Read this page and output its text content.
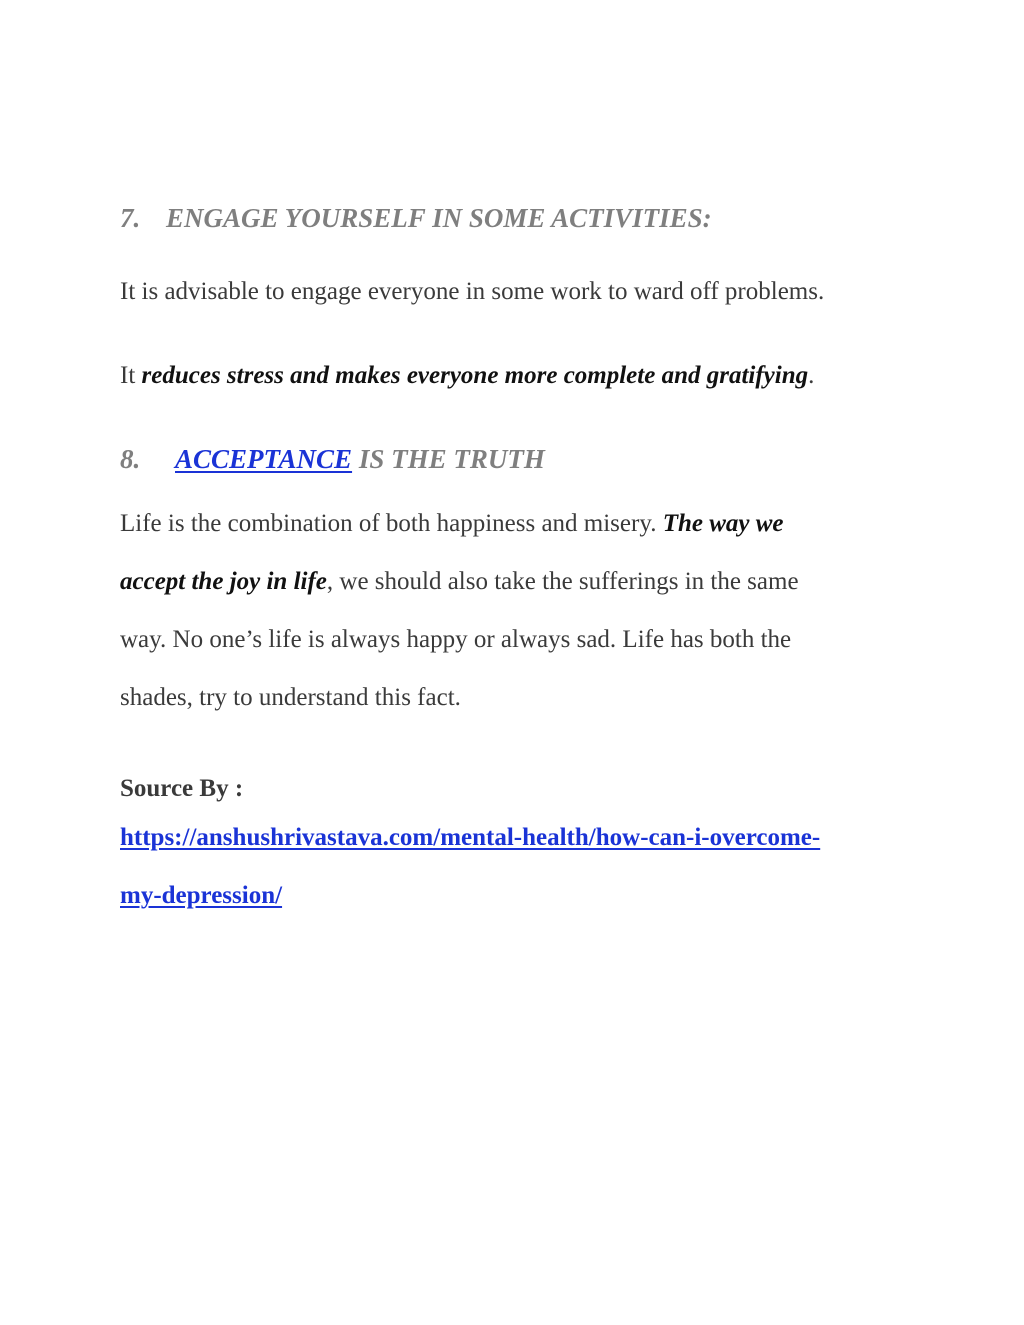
7. ENGAGE YOURSELF IN SOME ACTIVITIES:
It is advisable to engage everyone in some work to ward off problems.
It reduces stress and makes everyone more complete and gratifying.
8. ACCEPTANCE IS THE TRUTH
Life is the combination of both happiness and misery. The way we
accept the joy in life, we should also take the sufferings in the same
way. No one’s life is always happy or always sad. Life has both the
shades, try to understand this fact.
Source By :
https://anshushrivastava.com/mental-health/how-can-i-overcome-
my-depression/
